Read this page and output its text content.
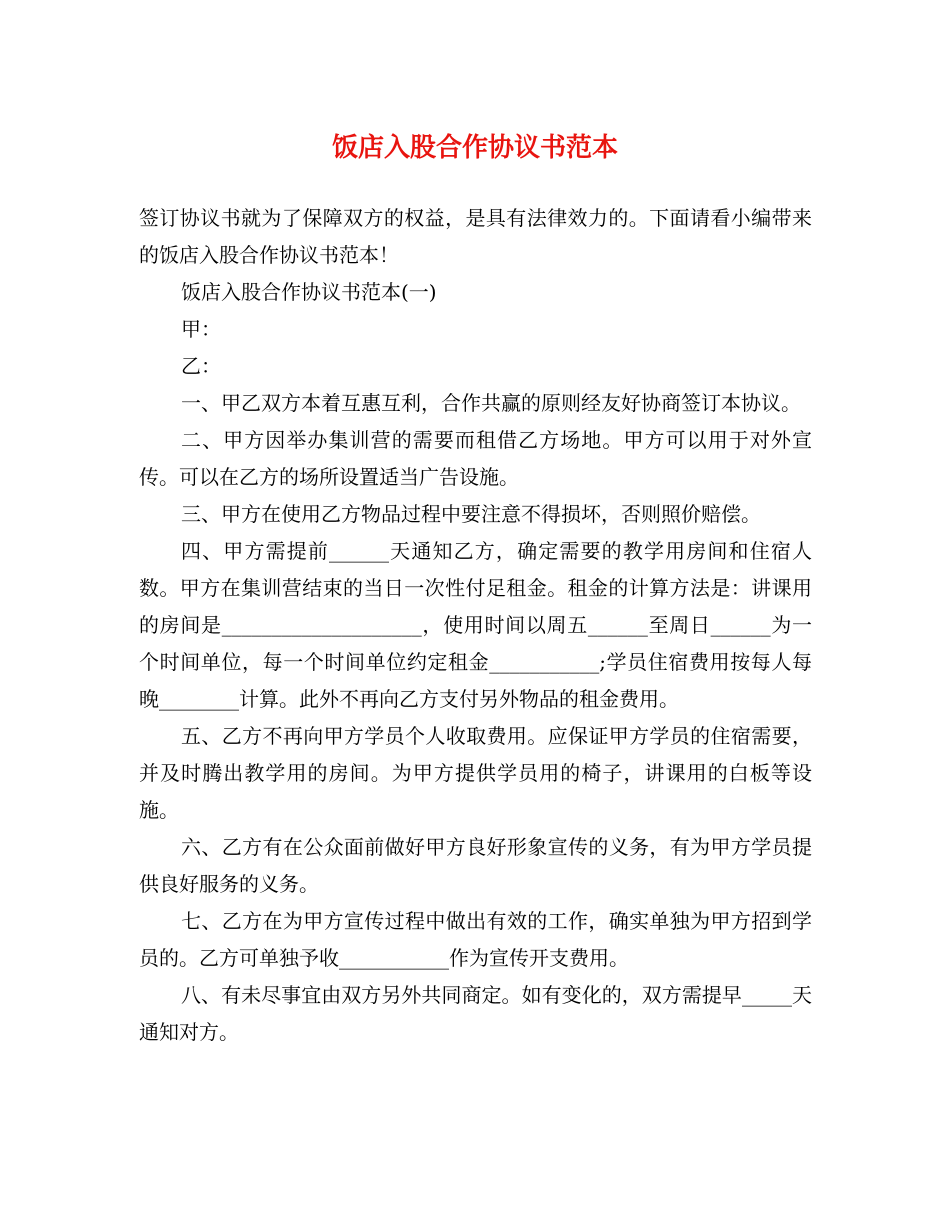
饭店入股合作协议书范本

签订协议书就为了保障双方的权益，是具有法律效力的。下面请看小编带来的饭店入股合作协议书范本！

饭店入股合作协议书范本(一)

甲：

乙：

一、甲乙双方本着互惠互利，合作共赢的原则经友好协商签订本协议。

二、甲方因举办集训营的需要而租借乙方场地。甲方可以用于对外宣传。可以在乙方的场所设置适当广告设施。

三、甲方在使用乙方物品过程中要注意不得损坏，否则照价赔偿。

四、甲方需提前______天通知乙方，确定需要的教学用房间和住宿人数。甲方在集训营结束的当日一次性付足租金。租金的计算方法是：讲课用的房间是____________________，使用时间以周五______至周日______为一个时间单位，每一个时间单位约定租金___________;学员住宿费用按每人每晚________计算。此外不再向乙方支付另外物品的租金费用。

五、乙方不再向甲方学员个人收取费用。应保证甲方学员的住宿需要，并及时腾出教学用的房间。为甲方提供学员用的椅子，讲课用的白板等设施。

六、乙方有在公众面前做好甲方良好形象宣传的义务，有为甲方学员提供良好服务的义务。

七、乙方在为甲方宣传过程中做出有效的工作，确实单独为甲方招到学员的。乙方可单独予收___________作为宣传开支费用。

八、有未尽事宜由双方另外共同商定。如有变化的，双方需提早_____天通知对方。
